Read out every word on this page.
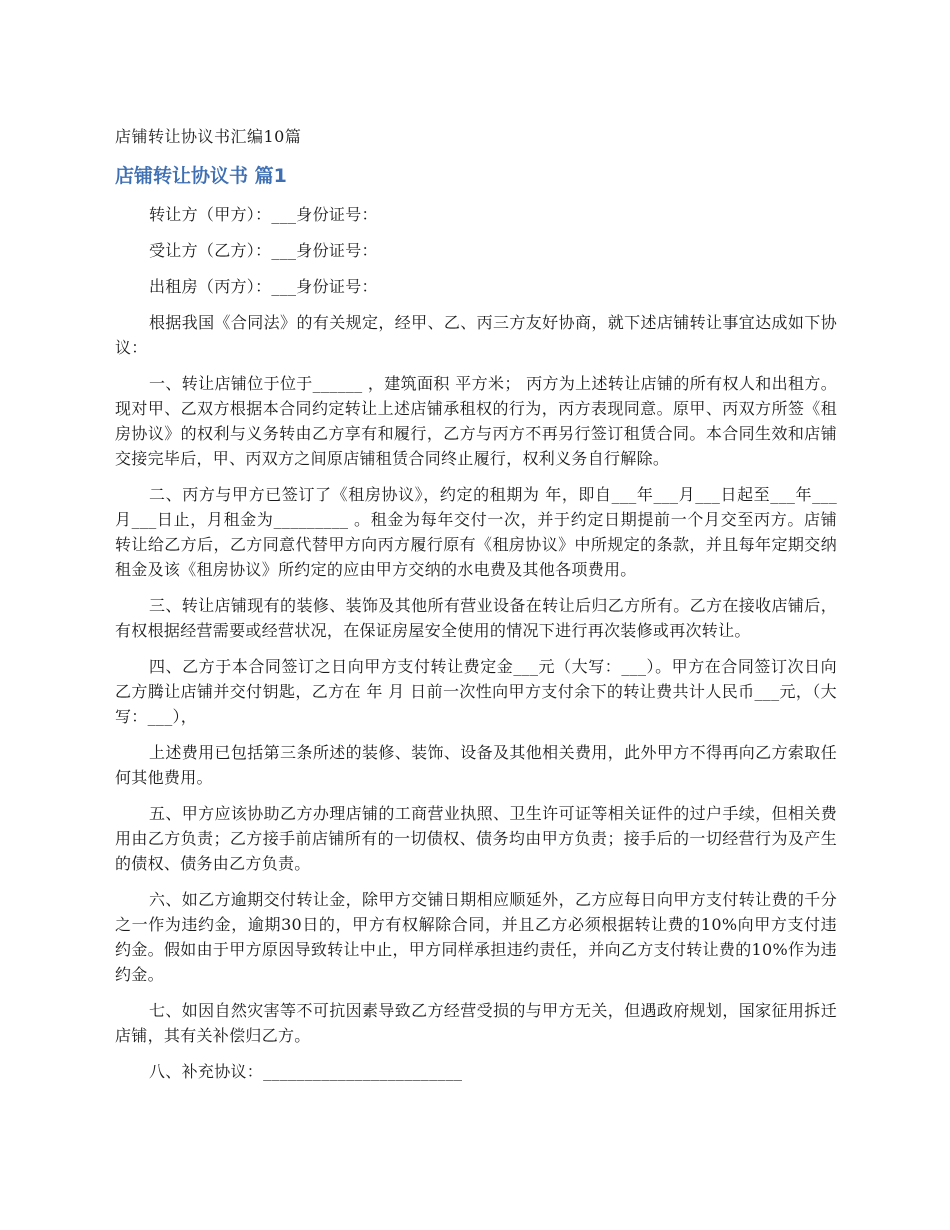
店铺转让协议书汇编10篇
店铺转让协议书 篇1

转让方（甲方）：___身份证号：

受让方（乙方）：___身份证号：

出租房（丙方）：___身份证号：

根据我国《合同法》的有关规定，经甲、乙、丙三方友好协商，就下述店铺转让事宜达成如下协议：

一、转让店铺位于位于______ ，建筑面积 平方米； 丙方为上述转让店铺的所有权人和出租方。现对甲、乙双方根据本合同约定转让上述店铺承租权的行为，丙方表现同意。原甲、丙双方所签《租房协议》的权利与义务转由乙方享有和履行，乙方与丙方不再另行签订租赁合同。本合同生效和店铺交接完毕后，甲、丙双方之间原店铺租赁合同终止履行，权利义务自行解除。

二、丙方与甲方已签订了《租房协议》，约定的租期为 年，即自___年___月___日起至___年___月___日止，月租金为_________ 。租金为每年交付一次，并于约定日期提前一个月交至丙方。店铺转让给乙方后，乙方同意代替甲方向丙方履行原有《租房协议》中所规定的条款，并且每年定期交纳租金及该《租房协议》所约定的应由甲方交纳的水电费及其他各项费用。

三、转让店铺现有的装修、装饰及其他所有营业设备在转让后归乙方所有。乙方在接收店铺后，有权根据经营需要或经营状况，在保证房屋安全使用的情况下进行再次装修或再次转让。

四、乙方于本合同签订之日向甲方支付转让费定金___元（大写：___）。甲方在合同签订次日向乙方腾让店铺并交付钥匙，乙方在 年 月 日前一次性向甲方支付余下的转让费共计人民币___元，（大写：___），

上述费用已包括第三条所述的装修、装饰、设备及其他相关费用，此外甲方不得再向乙方索取任何其他费用。

五、甲方应该协助乙方办理店铺的工商营业执照、卫生许可证等相关证件的过户手续，但相关费用由乙方负责；乙方接手前店铺所有的一切债权、债务均由甲方负责；接手后的一切经营行为及产生的债权、债务由乙方负责。

六、如乙方逾期交付转让金，除甲方交铺日期相应顺延外，乙方应每日向甲方支付转让费的千分之一作为违约金，逾期30日的，甲方有权解除合同，并且乙方必须根据转让费的10%向甲方支付违约金。假如由于甲方原因导致转让中止，甲方同样承担违约责任，并向乙方支付转让费的10%作为违约金。

七、如因自然灾害等不可抗因素导致乙方经营受损的与甲方无关，但遇政府规划，国家征用拆迁店铺，其有关补偿归乙方。

八、补充协议：________________________
